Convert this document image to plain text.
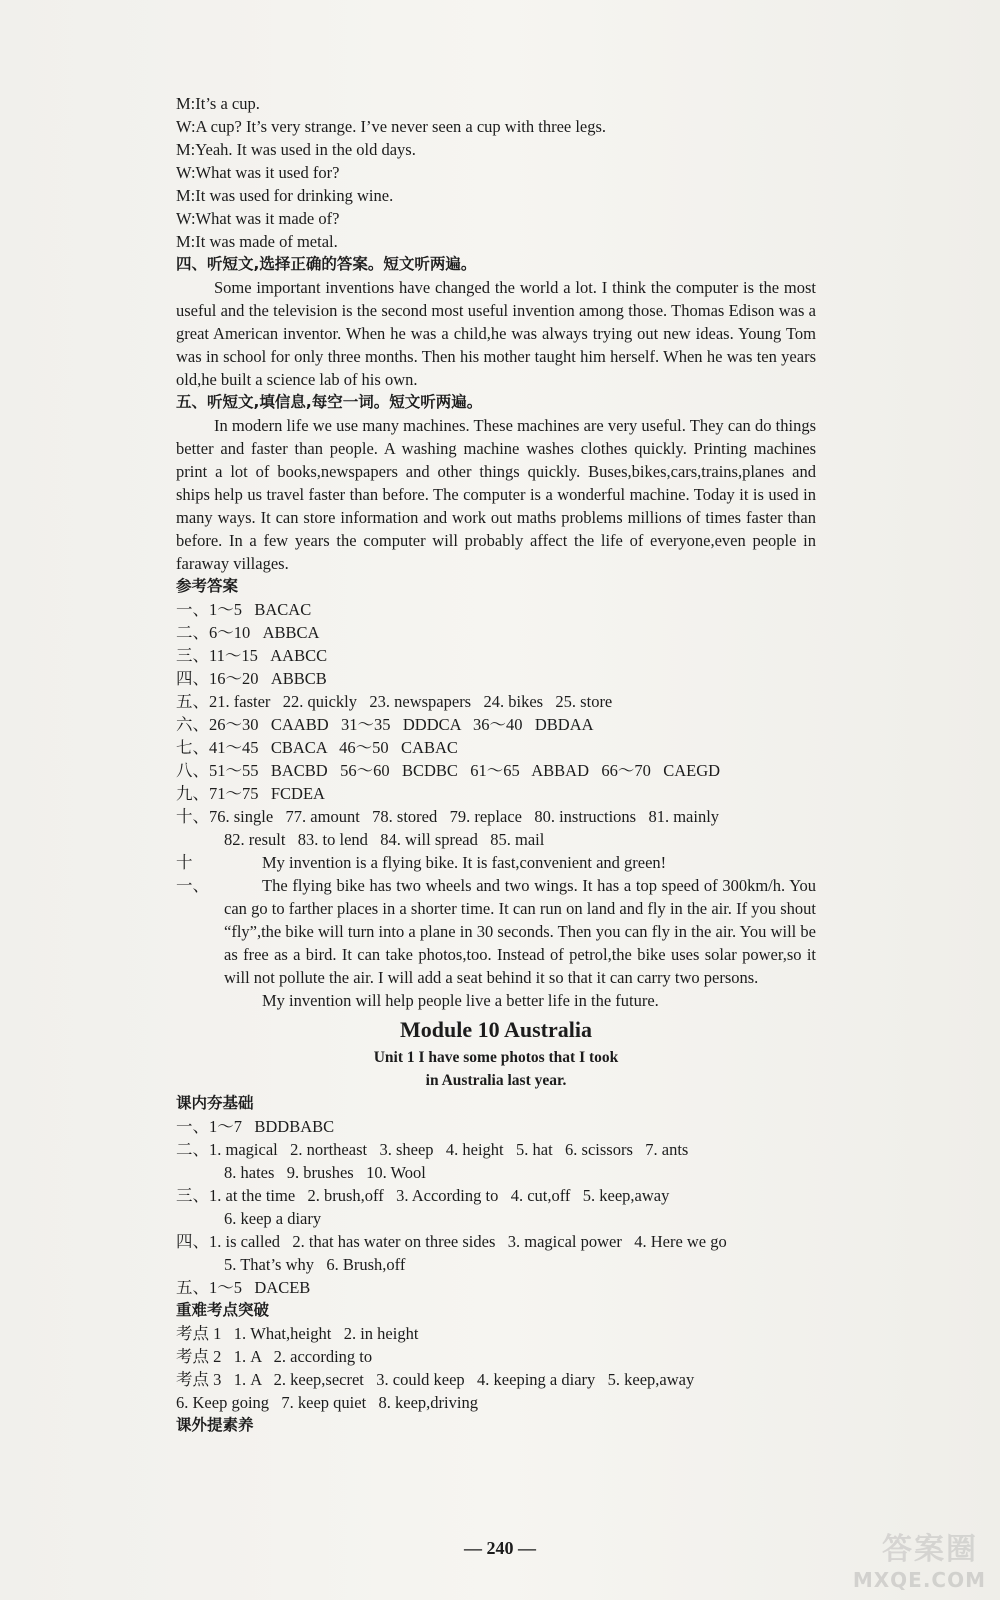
M:It’s a cup.
W:A cup? It’s very strange. I’ve never seen a cup with three legs.
M:Yeah. It was used in the old days.
W:What was it used for?
M:It was used for drinking wine.
W:What was it made of?
M:It was made of metal.
四、听短文,选择正确的答案。短文听两遍。
Some important inventions have changed the world a lot. I think the computer is the most useful and the television is the second most useful invention among those. Thomas Edison was a great American inventor. When he was a child,he was always trying out new ideas. Young Tom was in school for only three months. Then his mother taught him herself. When he was ten years old,he built a science lab of his own.
五、听短文,填信息,每空一词。短文听两遍。
In modern life we use many machines. These machines are very useful. They can do things better and faster than people. A washing machine washes clothes quickly. Printing machines print a lot of books,newspapers and other things quickly. Buses,bikes,cars,trains,planes and ships help us travel faster than before. The computer is a wonderful machine. Today it is used in many ways. It can store information and work out maths problems millions of times faster than before. In a few years the computer will probably affect the life of everyone,even people in faraway villages.
参考答案
一、1～5   BACAC
二、6～10   ABBCA
三、11～15   AABCC
四、16～20   ABBCB
五、21. faster   22. quickly   23. newspapers   24. bikes   25. store
六、26～30   CAABD   31～35   DDDCA   36～40   DBDAA
七、41～45   CBACA   46～50   CABAC
八、51～55   BACBD   56～60   BCDBC   61～65   ABBAD   66～70   CAEGD
九、71～75   FCDEA
十、76. single   77. amount   78. stored   79. replace   80. instructions   81. mainly
82. result   83. to lend   84. will spread   85. mail
十一、
My invention is a flying bike. It is fast,convenient and green!
The flying bike has two wheels and two wings. It has a top speed of 300km/h. You can go to farther places in a shorter time. It can run on land and fly in the air. If you shout “fly”,the bike will turn into a plane in 30 seconds. Then you can fly in the air. You will be as free as a bird. It can take photos,too. Instead of petrol,the bike uses solar power,so it will not pollute the air. I will add a seat behind it so that it can carry two persons.
My invention will help people live a better life in the future.
Module 10 Australia
Unit 1 I have some photos that I took
in Australia last year.
课内夯基础
一、1～7   BDDBABC
二、1. magical   2. northeast   3. sheep   4. height   5. hat   6. scissors   7. ants
8. hates   9. brushes   10. Wool
三、1. at the time   2. brush,off   3. According to   4. cut,off   5. keep,away
6. keep a diary
四、1. is called   2. that has water on three sides   3. magical power   4. Here we go
5. That’s why   6. Brush,off
五、1～5   DACEB
重难考点突破
考点 1   1. What,height   2. in height
考点 2   1. A   2. according to
考点 3   1. A   2. keep,secret   3. could keep   4. keeping a diary   5. keep,away
6. Keep going   7. keep quiet   8. keep,driving
课外提素养
— 240 —	答案圈
MXQE.COM
